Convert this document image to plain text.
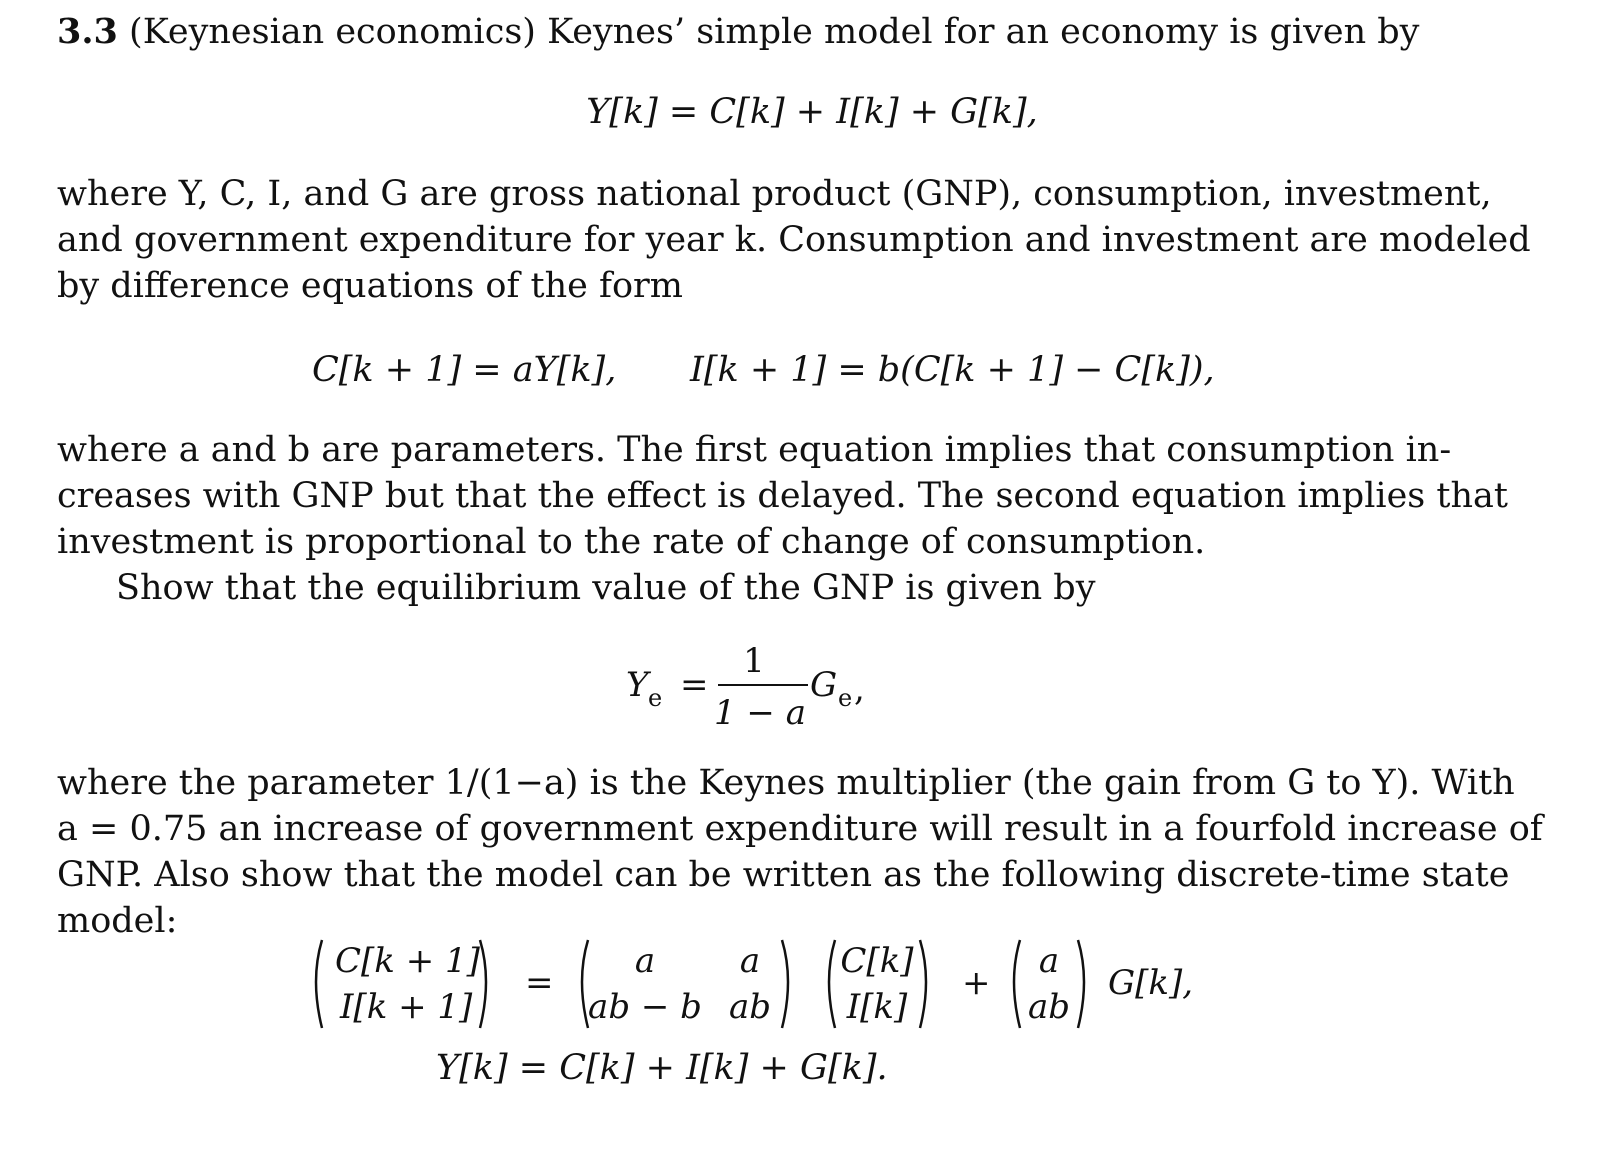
3.3 (Keynesian economics) Keynes’ simple model for an economy is given by
Y[k] = C[k] + I[k] + G[k],
where Y, C, I, and G are gross national product (GNP), consumption, investment,
and government expenditure for year k. Consumption and investment are modeled
by difference equations of the form
C[k + 1] = aY[k], I[k + 1] = b(C[k + 1] − C[k]),
where a and b are parameters. The first equation implies that consumption in-
creases with GNP but that the effect is delayed. The second equation implies that
investment is proportional to the rate of change of consumption.
Show that the equilibrium value of the GNP is given by
Y e =
1
1 − a
G e ,
where the parameter 1/(1−a) is the Keynes multiplier (the gain from G to Y). With
a = 0.75 an increase of government expenditure will result in a fourfold increase of
GNP. Also show that the model can be written as the following discrete-time state
model:
C[k + 1]
I[k + 1]
=
a a
ab − b ab
C[k]
I[k]
+
a
ab
G[k],
Y[k] = C[k] + I[k] + G[k].
